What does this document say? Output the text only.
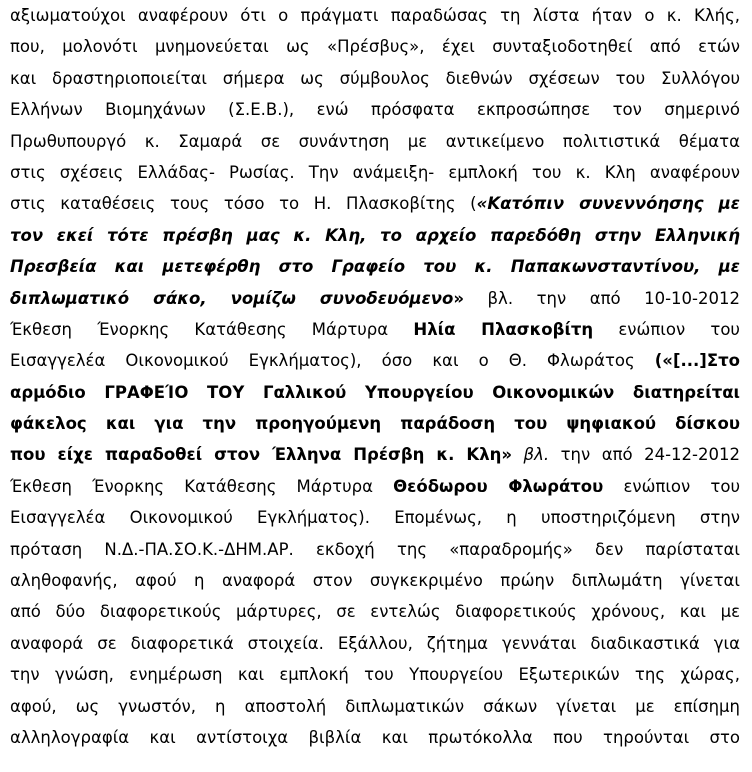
αξιωματούχοι αναφέρουν ότι ο πράγματι παραδώσας τη λίστα ήταν ο κ. Κλής,
που, μολονότι μνημονεύεται ως «Πρέσβυς», έχει συνταξιοδοτηθεί από ετών
και δραστηριοποιείται σήμερα ως σύμβουλος διεθνών σχέσεων του Συλλόγου
Ελλήνων Βιομηχάνων (Σ.Ε.Β.), ενώ πρόσφατα εκπροσώπησε τον σημερινό
Πρωθυπουργό κ. Σαμαρά σε συνάντηση με αντικείμενο πολιτιστικά θέματα
στις σχέσεις Ελλάδας- Ρωσίας. Την ανάμειξη- εμπλοκή του κ. Κλη αναφέρουν
στις καταθέσεις τους τόσο το Η. Πλασκοβίτης («Κατόπιν συνεννόησης με
τον εκεί τότε πρέσβη μας κ. Κλη, το αρχείο παρεδόθη στην Ελληνική
Πρεσβεία και μετεφέρθη στο Γραφείο του κ. Παπακωνσταντίνου, με
διπλωματικό σάκο, νομίζω συνοδευόμενο» βλ. την από 10-10-2012
Έκθεση Ένορκης Κατάθεσης Μάρτυρα Ηλία Πλασκοβίτη ενώπιον του
Εισαγγελέα Οικονομικού Εγκλήματος), όσο και ο Θ. Φλωράτος («[...]Στο
αρμόδιο ΓΡΑΦΕΊΟ ΤΟΥ Γαλλικού Υπουργείου Οικονομικών διατηρείται
φάκελος και για την προηγούμενη παράδοση του ψηφιακού δίσκου
που είχε παραδοθεί στον Έλληνα Πρέσβη κ. Κλη» βλ. την από 24-12-2012
Έκθεση Ένορκης Κατάθεσης Μάρτυρα Θεόδωρου Φλωράτου ενώπιον του
Εισαγγελέα Οικονομικού Εγκλήματος). Επομένως, η υποστηριζόμενη στην
πρόταση Ν.Δ.-ΠΑ.ΣΟ.Κ.-ΔΗΜ.ΑΡ. εκδοχή της «παραδρομής» δεν παρίσταται
αληθοφανής, αφού η αναφορά στον συγκεκριμένο πρώην διπλωμάτη γίνεται
από δύο διαφορετικούς μάρτυρες, σε εντελώς διαφορετικούς χρόνους, και με
αναφορά σε διαφορετικά στοιχεία. Εξάλλου, ζήτημα γεννάται διαδικαστικά για
την γνώση, ενημέρωση και εμπλοκή του Υπουργείου Εξωτερικών της χώρας,
αφού, ως γνωστόν, η αποστολή διπλωματικών σάκων γίνεται με επίσημη
αλληλογραφία και αντίστοιχα βιβλία και πρωτόκολλα που τηρούνται στο
